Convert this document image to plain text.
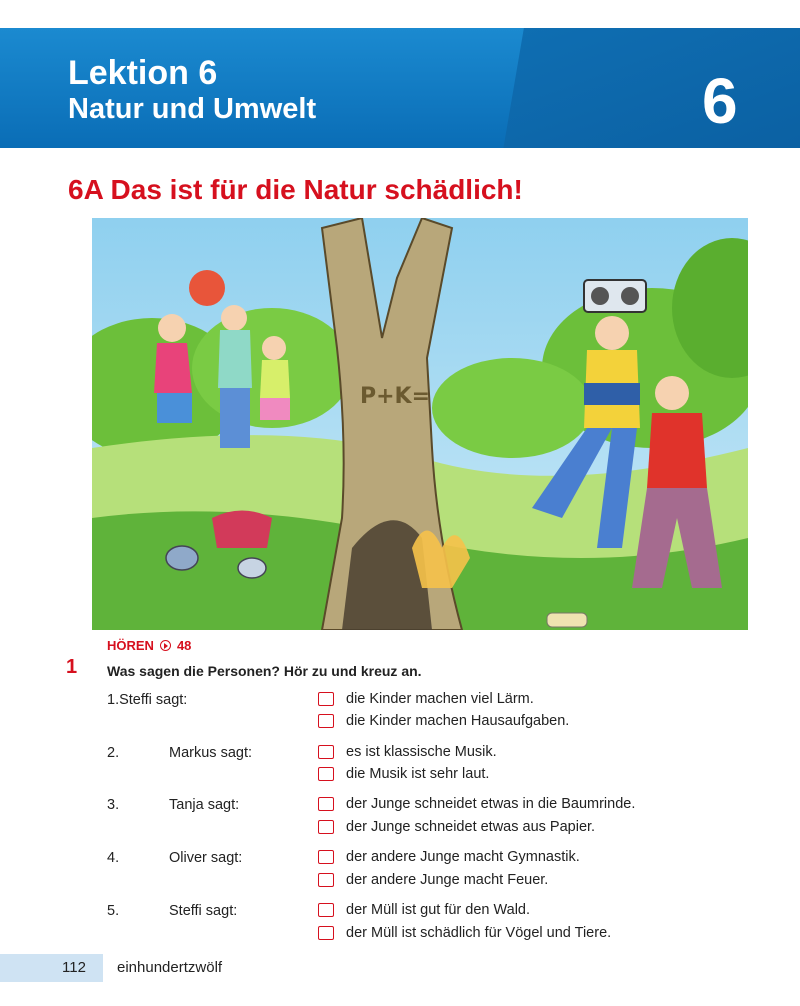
Lektion 6
Natur und Umwelt	6
6A Das ist für die Natur schädlich!
P+K=
HÖREN 48
1 Was sagen die Personen? Hör zu und kreuz an.
1.Steffi sagt:	die Kinder machen viel Lärm.
die Kinder machen Hausaufgaben.
2.	Markus sagt:	es ist klassische Musik.
die Musik ist sehr laut.
3.	Tanja sagt:	der Junge schneidet etwas in die Baumrinde.
der Junge schneidet etwas aus Papier.
4.	Oliver sagt:	der andere Junge macht Gymnastik.
der andere Junge macht Feuer.
5.	Steffi sagt:	der Müll ist gut für den Wald.
der Müll ist schädlich für Vögel und Tiere.
112 einhundertzwölf
